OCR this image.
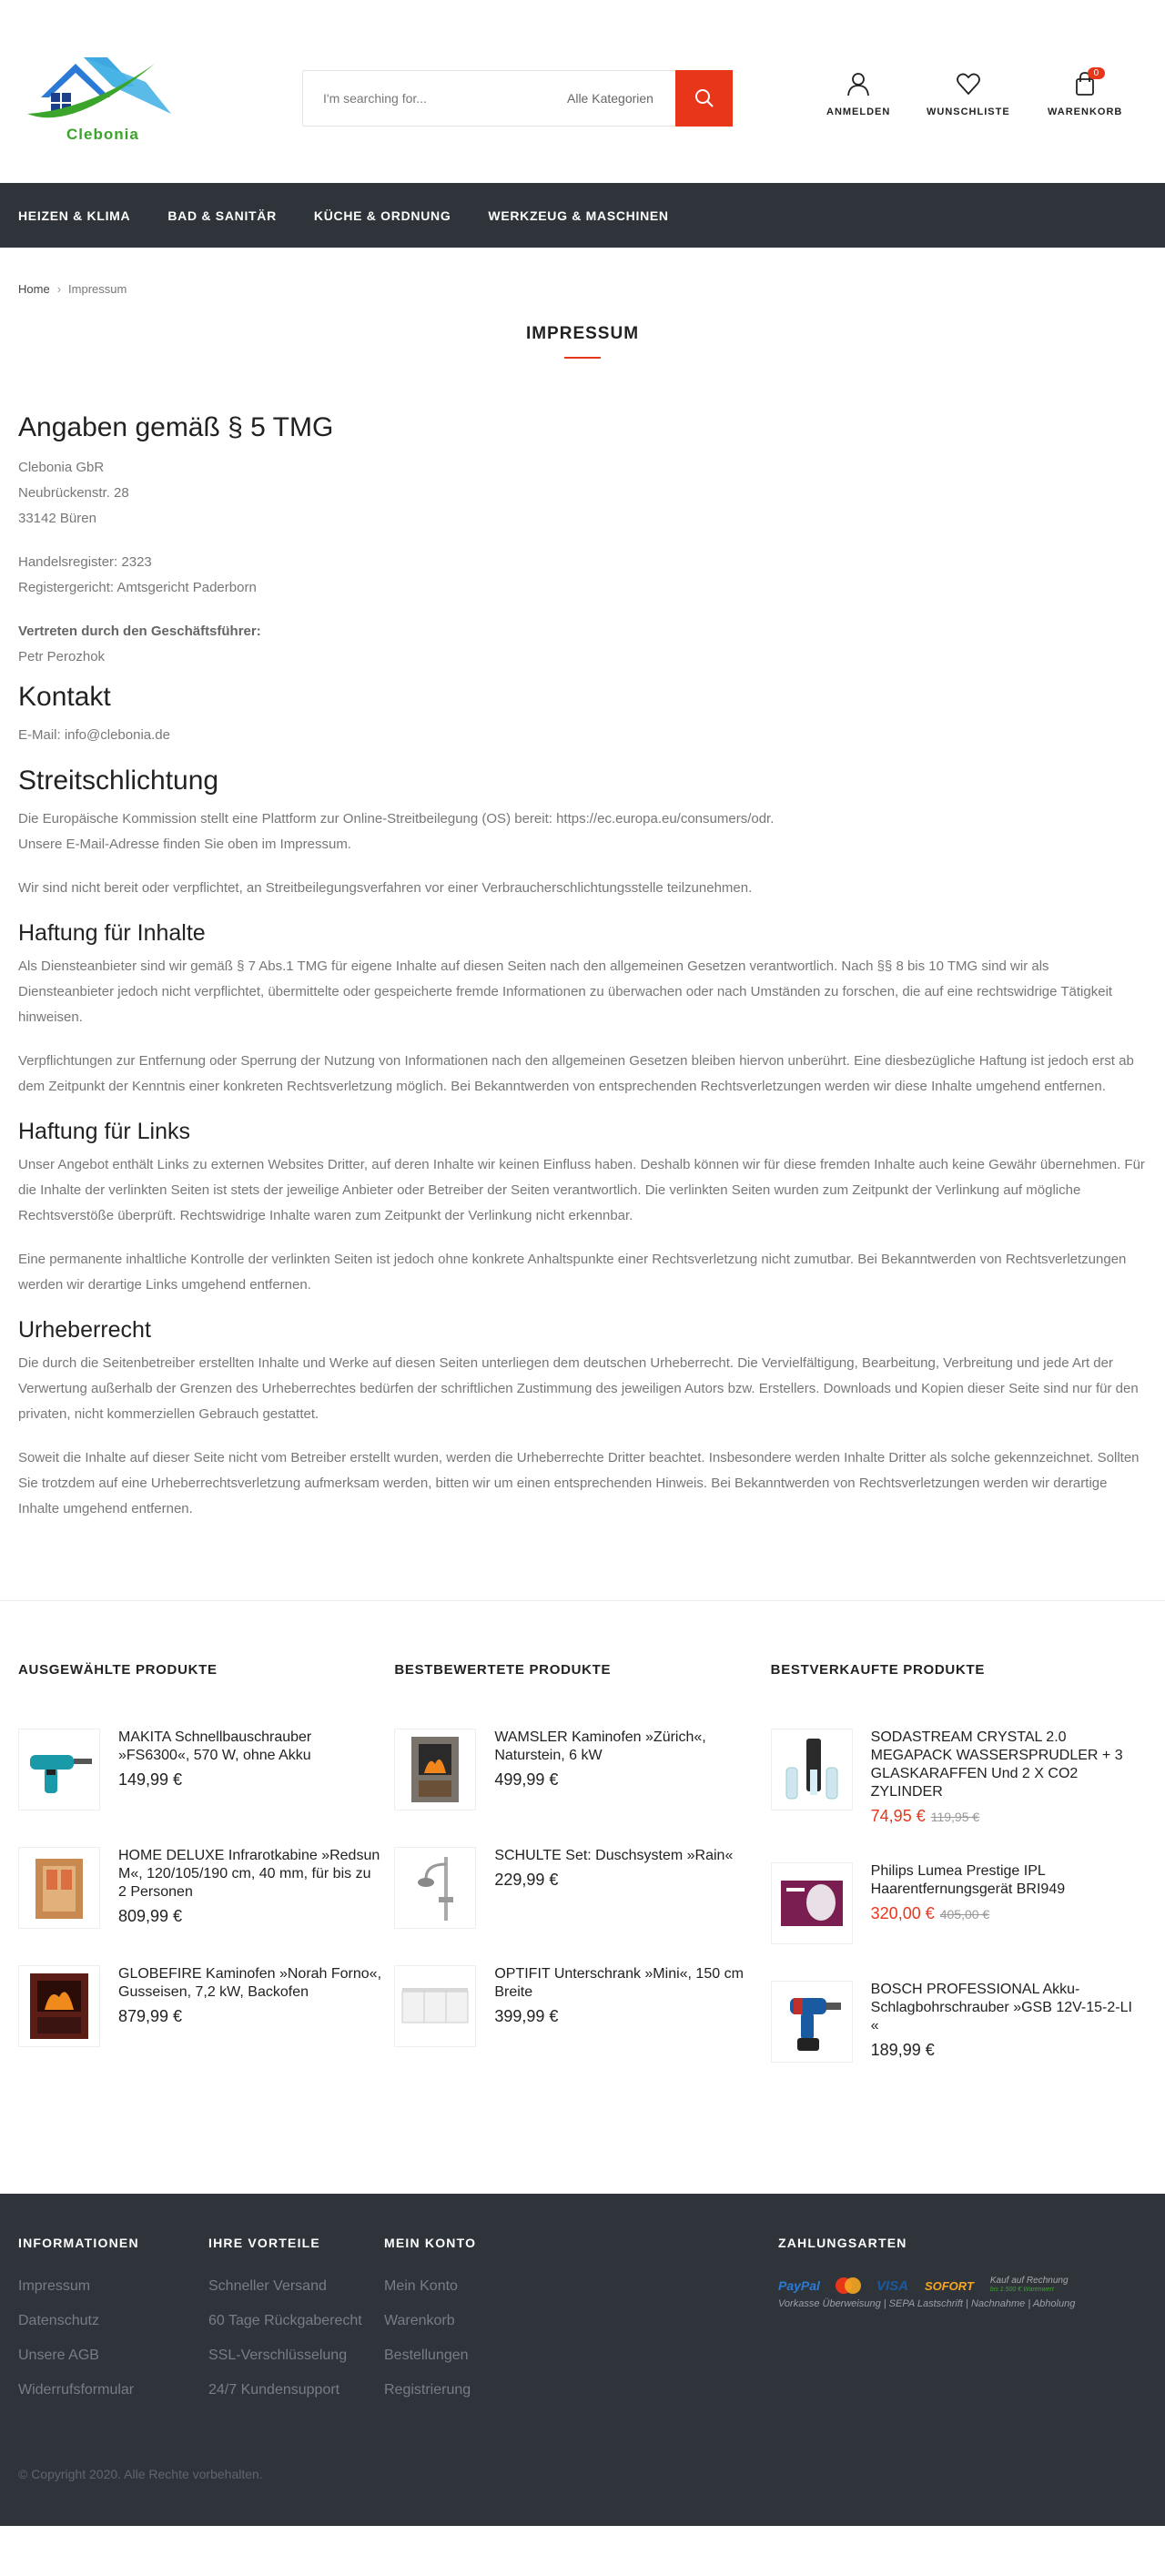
Clebonia
I'm searching for...
Alle Kategorien
ANMELDEN	WUNSCHLISTE
0
WARENKORB
HEIZEN & KLIMA	BAD & SANITÄR	KÜCHE & ORDNUNG	WERKZEUG & MASCHINEN
Home › Impressum
IMPRESSUM
Angaben gemäß § 5 TMG

Clebonia GbR

Neubrückenstr. 28

33142 Büren

Handelsregister: 2323

Registergericht: Amtsgericht Paderborn

Vertreten durch den Geschäftsführer:

Petr Perozhok

Kontakt

E-Mail: info@clebonia.de

Streitschlichtung

Die Europäische Kommission stellt eine Plattform zur Online-Streitbeilegung (OS) bereit: https://ec.europa.eu/consumers/odr.

Unsere E-Mail-Adresse finden Sie oben im Impressum.

Wir sind nicht bereit oder verpflichtet, an Streitbeilegungsverfahren vor einer Verbraucherschlichtungsstelle teilzunehmen.

Haftung für Inhalte

Als Diensteanbieter sind wir gemäß § 7 Abs.1 TMG für eigene Inhalte auf diesen Seiten nach den allgemeinen Gesetzen verantwortlich. Nach §§ 8 bis 10 TMG sind wir als Diensteanbieter jedoch nicht verpflichtet, übermittelte oder gespeicherte fremde Informationen zu überwachen oder nach Umständen zu forschen, die auf eine rechtswidrige Tätigkeit hinweisen.

Verpflichtungen zur Entfernung oder Sperrung der Nutzung von Informationen nach den allgemeinen Gesetzen bleiben hiervon unberührt. Eine diesbezügliche Haftung ist jedoch erst ab dem Zeitpunkt der Kenntnis einer konkreten Rechtsverletzung möglich. Bei Bekanntwerden von entsprechenden Rechtsverletzungen werden wir diese Inhalte umgehend entfernen.

Haftung für Links

Unser Angebot enthält Links zu externen Websites Dritter, auf deren Inhalte wir keinen Einfluss haben. Deshalb können wir für diese fremden Inhalte auch keine Gewähr übernehmen. Für die Inhalte der verlinkten Seiten ist stets der jeweilige Anbieter oder Betreiber der Seiten verantwortlich. Die verlinkten Seiten wurden zum Zeitpunkt der Verlinkung auf mögliche Rechtsverstöße überprüft. Rechtswidrige Inhalte waren zum Zeitpunkt der Verlinkung nicht erkennbar.

Eine permanente inhaltliche Kontrolle der verlinkten Seiten ist jedoch ohne konkrete Anhaltspunkte einer Rechtsverletzung nicht zumutbar. Bei Bekanntwerden von Rechtsverletzungen werden wir derartige Links umgehend entfernen.

Urheberrecht

Die durch die Seitenbetreiber erstellten Inhalte und Werke auf diesen Seiten unterliegen dem deutschen Urheberrecht. Die Vervielfältigung, Bearbeitung, Verbreitung und jede Art der Verwertung außerhalb der Grenzen des Urheberrechtes bedürfen der schriftlichen Zustimmung des jeweiligen Autors bzw. Erstellers. Downloads und Kopien dieser Seite sind nur für den privaten, nicht kommerziellen Gebrauch gestattet.

Soweit die Inhalte auf dieser Seite nicht vom Betreiber erstellt wurden, werden die Urheberrechte Dritter beachtet. Insbesondere werden Inhalte Dritter als solche gekennzeichnet. Sollten Sie trotzdem auf eine Urheberrechtsverletzung aufmerksam werden, bitten wir um einen entsprechenden Hinweis. Bei Bekanntwerden von Rechtsverletzungen werden wir derartige Inhalte umgehend entfernen.

AUSGEWÄHLTE PRODUKTE
MAKITA Schnellbauschrauber »FS6300«, 570 W, ohne Akku
149,99 €
HOME DELUXE Infrarotkabine »Redsun M«, 120/105/190 cm, 40 mm, für bis zu 2 Personen
809,99 €
GLOBEFIRE Kaminofen »Norah Forno«, Gusseisen, 7,2 kW, Backofen
879,99 €
BESTBEWERTETE PRODUKTE
WAMSLER Kaminofen »Zürich«, Naturstein, 6 kW
499,99 €
SCHULTE Set: Duschsystem »Rain«
229,99 €
OPTIFIT Unterschrank »Mini«, 150 cm Breite
399,99 €
BESTVERKAUFTE PRODUKTE
SODASTREAM CRYSTAL 2.0 MEGAPACK WASSERSPRUDLER + 3 GLASKARAFFEN Und 2 X CO2 ZYLINDER
74,95 € 119,95 €
Philips Lumea Prestige IPL Haarentfernungsgerät BRI949
320,00 € 405,00 €
BOSCH PROFESSIONAL Akku-Schlagbohrschrauber »GSB 12V-15-2-LI «
189,99 €
INFORMATIONEN
Impressum
Datenschutz
Unsere AGB
Widerrufsformular
IHRE VORTEILE
Schneller Versand
60 Tage Rückgaberecht
SSL-Verschlüsselung
24/7 Kundensupport
MEIN KONTO
Mein Konto
Warenkorb
Bestellungen
Registrierung
ZAHLUNGSARTEN
PayPal	VISA SOFORT Kauf auf Rechnung
bis 1.500 € Warenwert
Vorkasse Überweisung | SEPA Lastschrift | Nachnahme | Abholung
© Copyright 2020. Alle Rechte vorbehalten.
